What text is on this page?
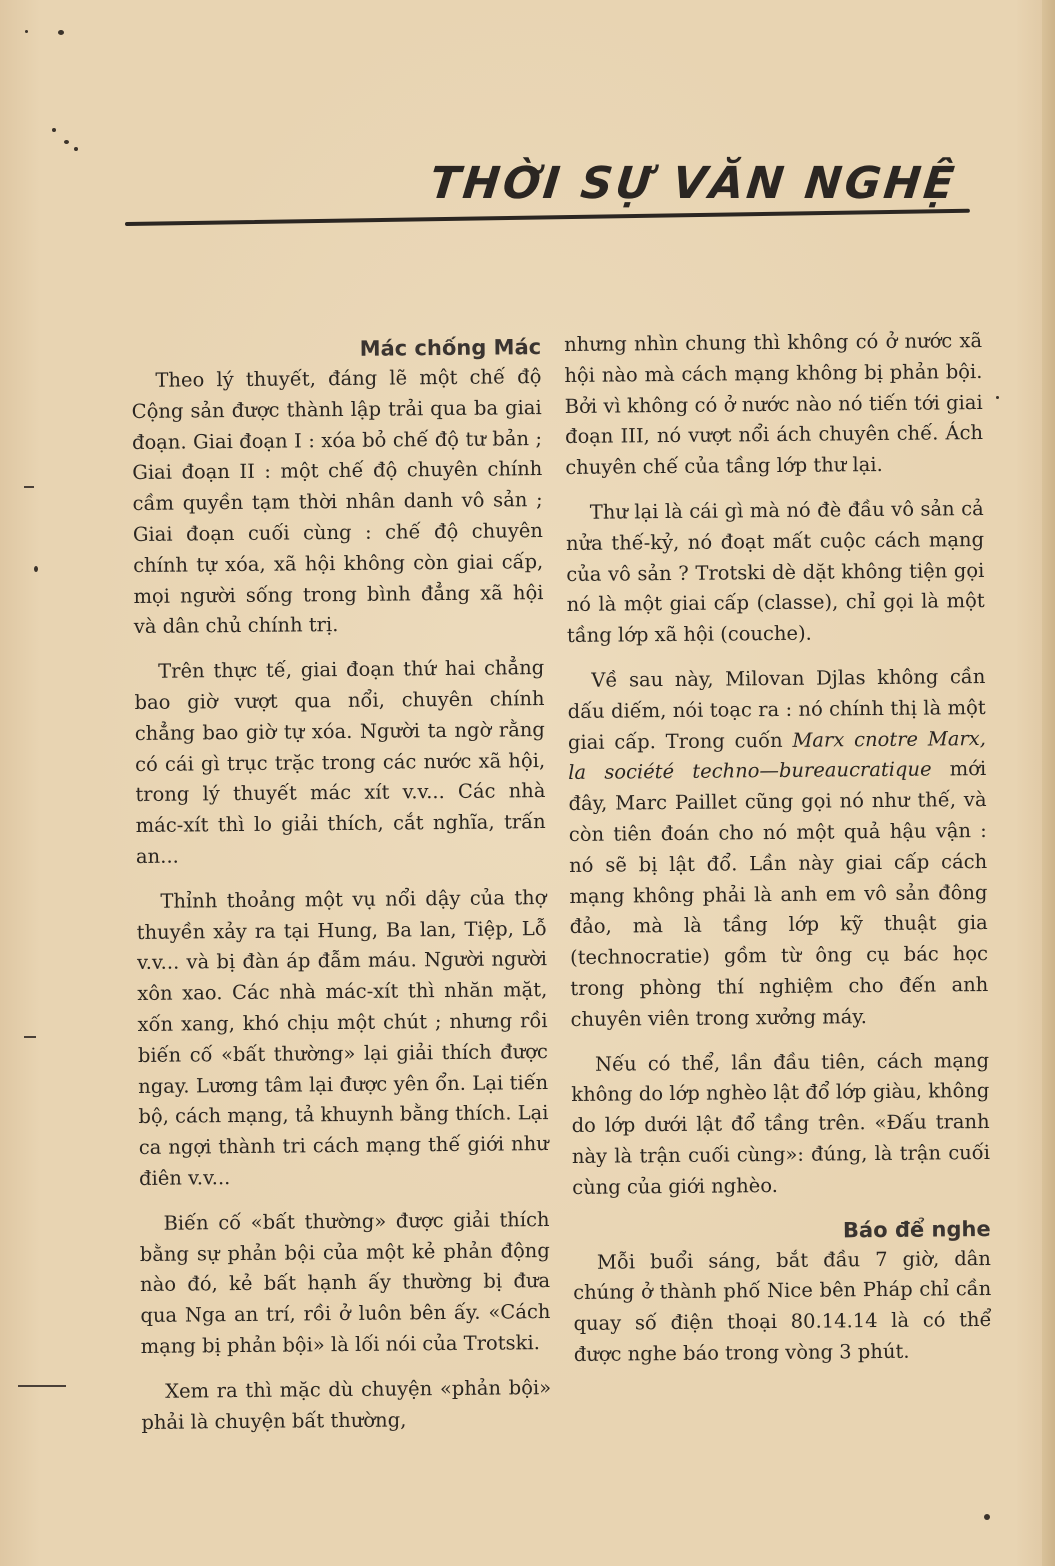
THỜI SỰ VĂN NGHỆ
Mác chống Mác

Theo lý thuyết, đáng lẽ một chế độ Cộng sản được thành lập trải qua ba giai đoạn. Giai đoạn I : xóa bỏ chế độ tư bản ; Giai đoạn II : một chế độ chuyên chính cầm quyền tạm thời nhân danh vô sản ; Giai đoạn cuối cùng : chế độ chuyên chính tự xóa, xã hội không còn giai cấp, mọi người sống trong bình đẳng xã hội và dân chủ chính trị.

Trên thực tế, giai đoạn thứ hai chẳng bao giờ vượt qua nổi, chuyên chính chẳng bao giờ tự xóa. Người ta ngờ rằng có cái gì trục trặc trong các nước xã hội, trong lý thuyết mác xít v.v... Các nhà mác-xít thì lo giải thích, cắt nghĩa, trấn an...

Thỉnh thoảng một vụ nổi dậy của thợ thuyền xảy ra tại Hung, Ba lan, Tiệp, Lỗ v.v... và bị đàn áp đẫm máu. Người người xôn xao. Các nhà mác-xít thì nhăn mặt, xốn xang, khó chịu một chút ; nhưng rồi biến cố «bất thường» lại giải thích được ngay. Lương tâm lại được yên ổn. Lại tiến bộ, cách mạng, tả khuynh bằng thích. Lại ca ngợi thành tri cách mạng thế giới như điên v.v...

Biến cố «bất thường» được giải thích bằng sự phản bội của một kẻ phản động nào đó, kẻ bất hạnh ấy thường bị đưa qua Nga an trí, rồi ở luôn bên ấy. «Cách mạng bị phản bội» là lối nói của Trotski.

Xem ra thì mặc dù chuyện «phản bội» phải là chuyện bất thường,

nhưng nhìn chung thì không có ở nước xã hội nào mà cách mạng không bị phản bội. Bởi vì không có ở nước nào nó tiến tới giai đoạn III, nó vượt nổi ách chuyên chế. Ách chuyên chế của tầng lớp thư lại.

Thư lại là cái gì mà nó đè đầu vô sản cả nửa thế-kỷ, nó đoạt mất cuộc cách mạng của vô sản ? Trotski dè dặt không tiện gọi nó là một giai cấp (classe), chỉ gọi là một tầng lớp xã hội (couche).

Về sau này, Milovan Djlas không cần dấu diếm, nói toạc ra : nó chính thị là một giai cấp. Trong cuốn Marx cnotre Marx, la société techno—bureaucratique mới đây, Marc Paillet cũng gọi nó như thế, và còn tiên đoán cho nó một quả hậu vận : nó sẽ bị lật đổ. Lần này giai cấp cách mạng không phải là anh em vô sản đông đảo, mà là tầng lớp kỹ thuật gia (technocratie) gồm từ ông cụ bác học trong phòng thí nghiệm cho đến anh chuyên viên trong xưởng máy.

Nếu có thể, lần đầu tiên, cách mạng không do lớp nghèo lật đổ lớp giàu, không do lớp dưới lật đổ tầng trên. «Đấu tranh này là trận cuối cùng»: đúng, là trận cuối cùng của giới nghèo.

Báo để nghe

Mỗi buổi sáng, bắt đầu 7 giờ, dân chúng ở thành phố Nice bên Pháp chỉ cần quay số điện thoại 80.14.14 là có thể được nghe báo trong vòng 3 phút.
